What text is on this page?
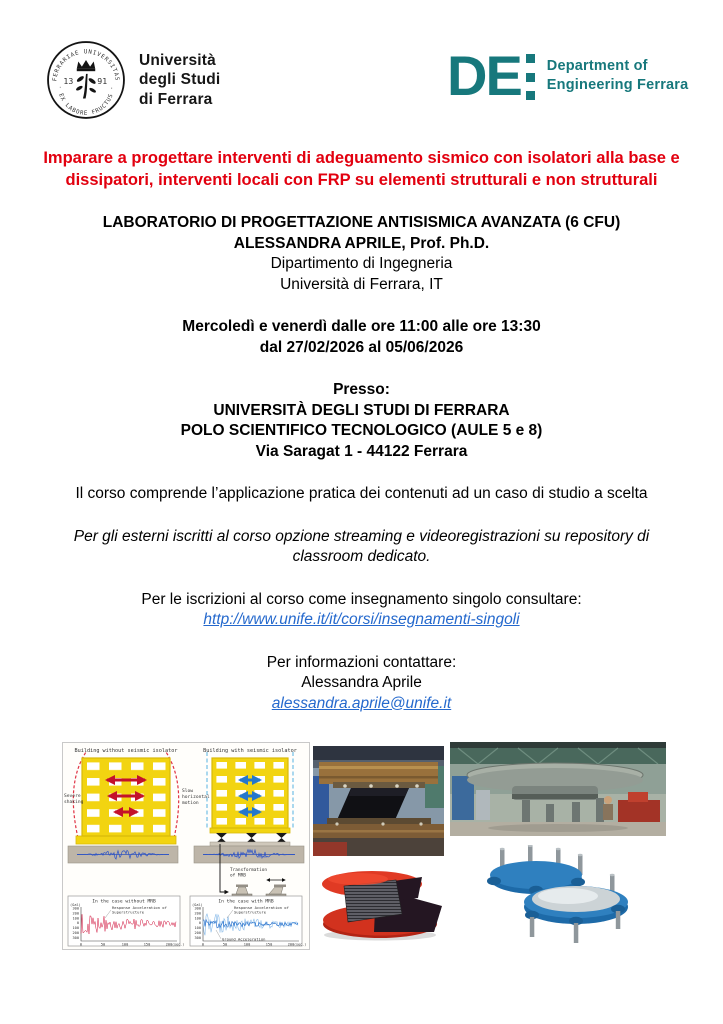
FERRARIAE UNIVERSITAS
· EX LABORE FRUCTUS ·
13	91
Università
degli Studi
di Ferrara	DE Department of Engineering Ferrara

Imparare a progettare interventi di adeguamento sismico con isolatori alla base e
dissipatori, interventi locali con FRP su elementi strutturali e non strutturali

LABORATORIO DI PROGETTAZIONE ANTISISMICA AVANZATA (6 CFU)
ALESSANDRA APRILE, Prof. Ph.D.
Dipartimento di Ingegneria
Università di Ferrara, IT

Mercoledì e venerdì dalle ore 11:00 alle ore 13:30
dal 27/02/2026 al 05/06/2026

Presso:
UNIVERSITÀ DEGLI STUDI DI FERRARA
POLO SCIENTIFICO TECNOLOGICO (AULE 5 e 8)
Via Saragat 1 - 44122 Ferrara

Il corso comprende l’applicazione pratica dei contenuti ad un caso di studio a scelta

Per gli esterni iscritti al corso opzione streaming e videoregistrazioni su repository di
classroom dedicato.

Per le iscrizioni al corso come insegnamento singolo consultare:
http://www.unife.it/it/corsi/insegnamenti-singoli

Per informazioni contattare:
Alessandra Aprile
alessandra.aprile@unife.it

Building without seismic isolator	Building with seismic isolator
Severe
shaking
Slow
horizontal
motion
Transformation
of MRB
In the case without MRB
(Gal)
300
200
100
0
100
200
300
0	50	100	150	200 (sec.)
Response Acceleration of
Superstructure
In the case with MRB
(Gal)
300
200
100
0
100
200
300
0	50	100	150	200 (sec.)
Response Acceleration of
Superstructure
Ground Acceleration
